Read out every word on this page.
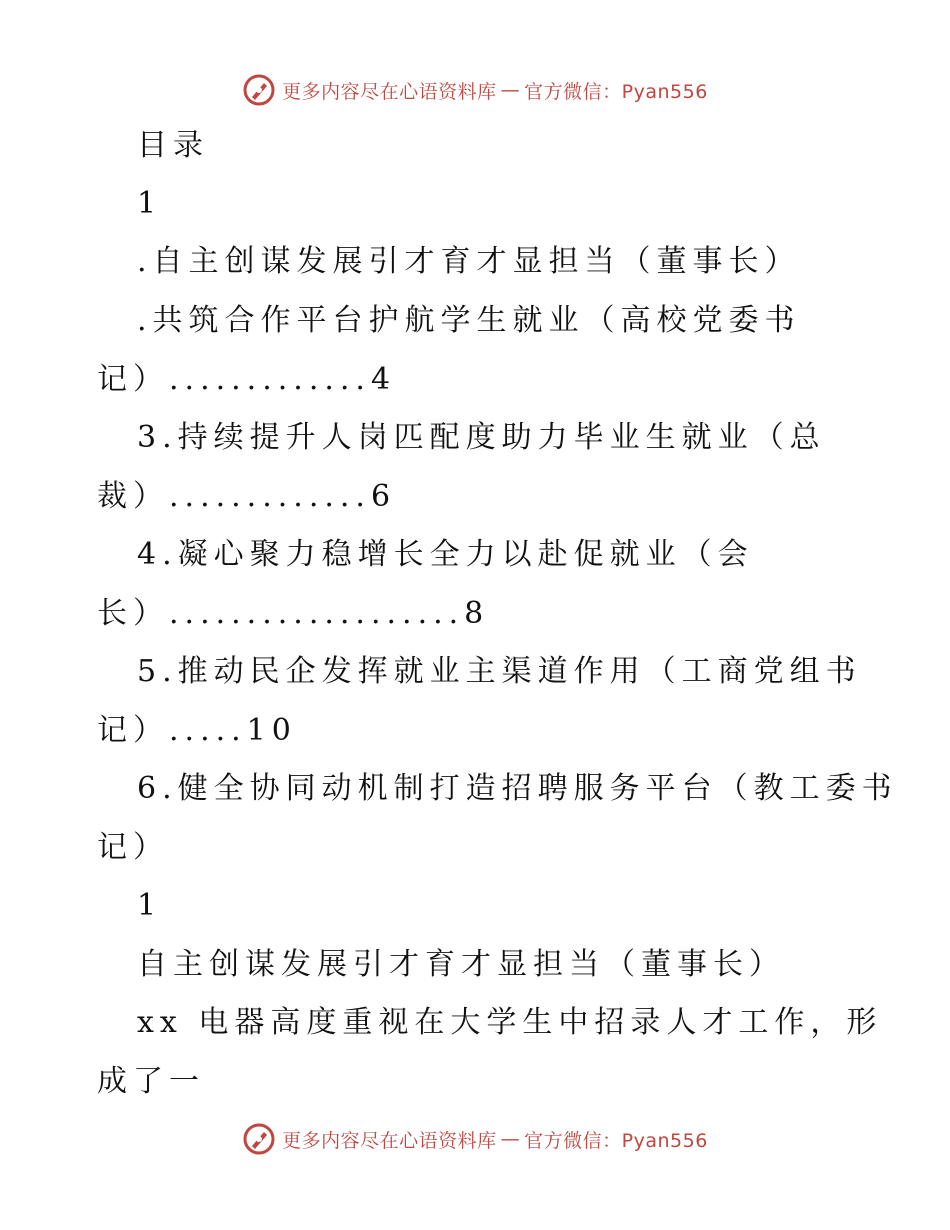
更多内容尽在心语资料库 — 官方微信：Pyan556
目录
1
.自主创谋发展引才育才显担当（董事长）
.共筑合作平台护航学生就业（高校党委书
记）.............4
3.持续提升人岗匹配度助力毕业生就业（总
裁）.............6
4.凝心聚力稳增长全力以赴促就业（会
长）...................8
5.推动民企发挥就业主渠道作用（工商党组书
记）.....10
6.健全协同动机制打造招聘服务平台（教工委书
记）
1
自主创谋发展引才育才显担当（董事长）
xx 电器高度重视在大学生中招录人才工作，形
成了一
更多内容尽在心语资料库 — 官方微信：Pyan556
